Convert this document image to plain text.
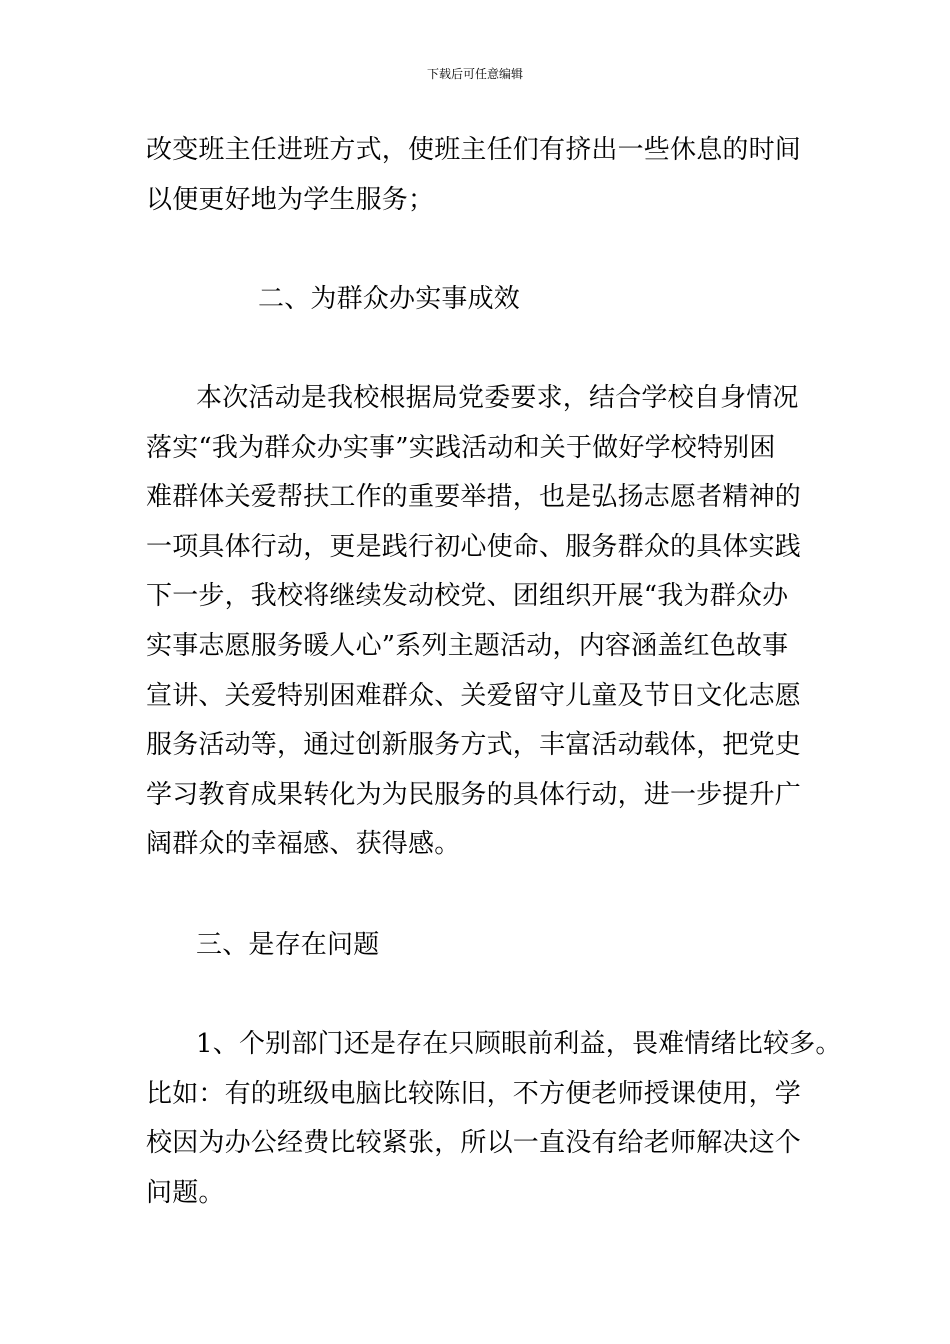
下载后可任意编辑
改变班主任进班方式，使班主任们有挤出一些休息的时间
以便更好地为学生服务；
二、为群众办实事成效
本次活动是我校根据局党委要求，结合学校自身情况
落实“我为群众办实事”实践活动和关于做好学校特别困
难群体关爱帮扶工作的重要举措，也是弘扬志愿者精神的
一项具体行动，更是践行初心使命、服务群众的具体实践
下一步，我校将继续发动校党、团组织开展“我为群众办
实事志愿服务暖人心”系列主题活动，内容涵盖红色故事
宣讲、关爱特别困难群众、关爱留守儿童及节日文化志愿
服务活动等，通过创新服务方式，丰富活动载体，把党史
学习教育成果转化为为民服务的具体行动，进一步提升广
阔群众的幸福感、获得感。
三、是存在问题
1、个别部门还是存在只顾眼前利益，畏难情绪比较多。
比如：有的班级电脑比较陈旧，不方便老师授课使用，学
校因为办公经费比较紧张，所以一直没有给老师解决这个
问题。
